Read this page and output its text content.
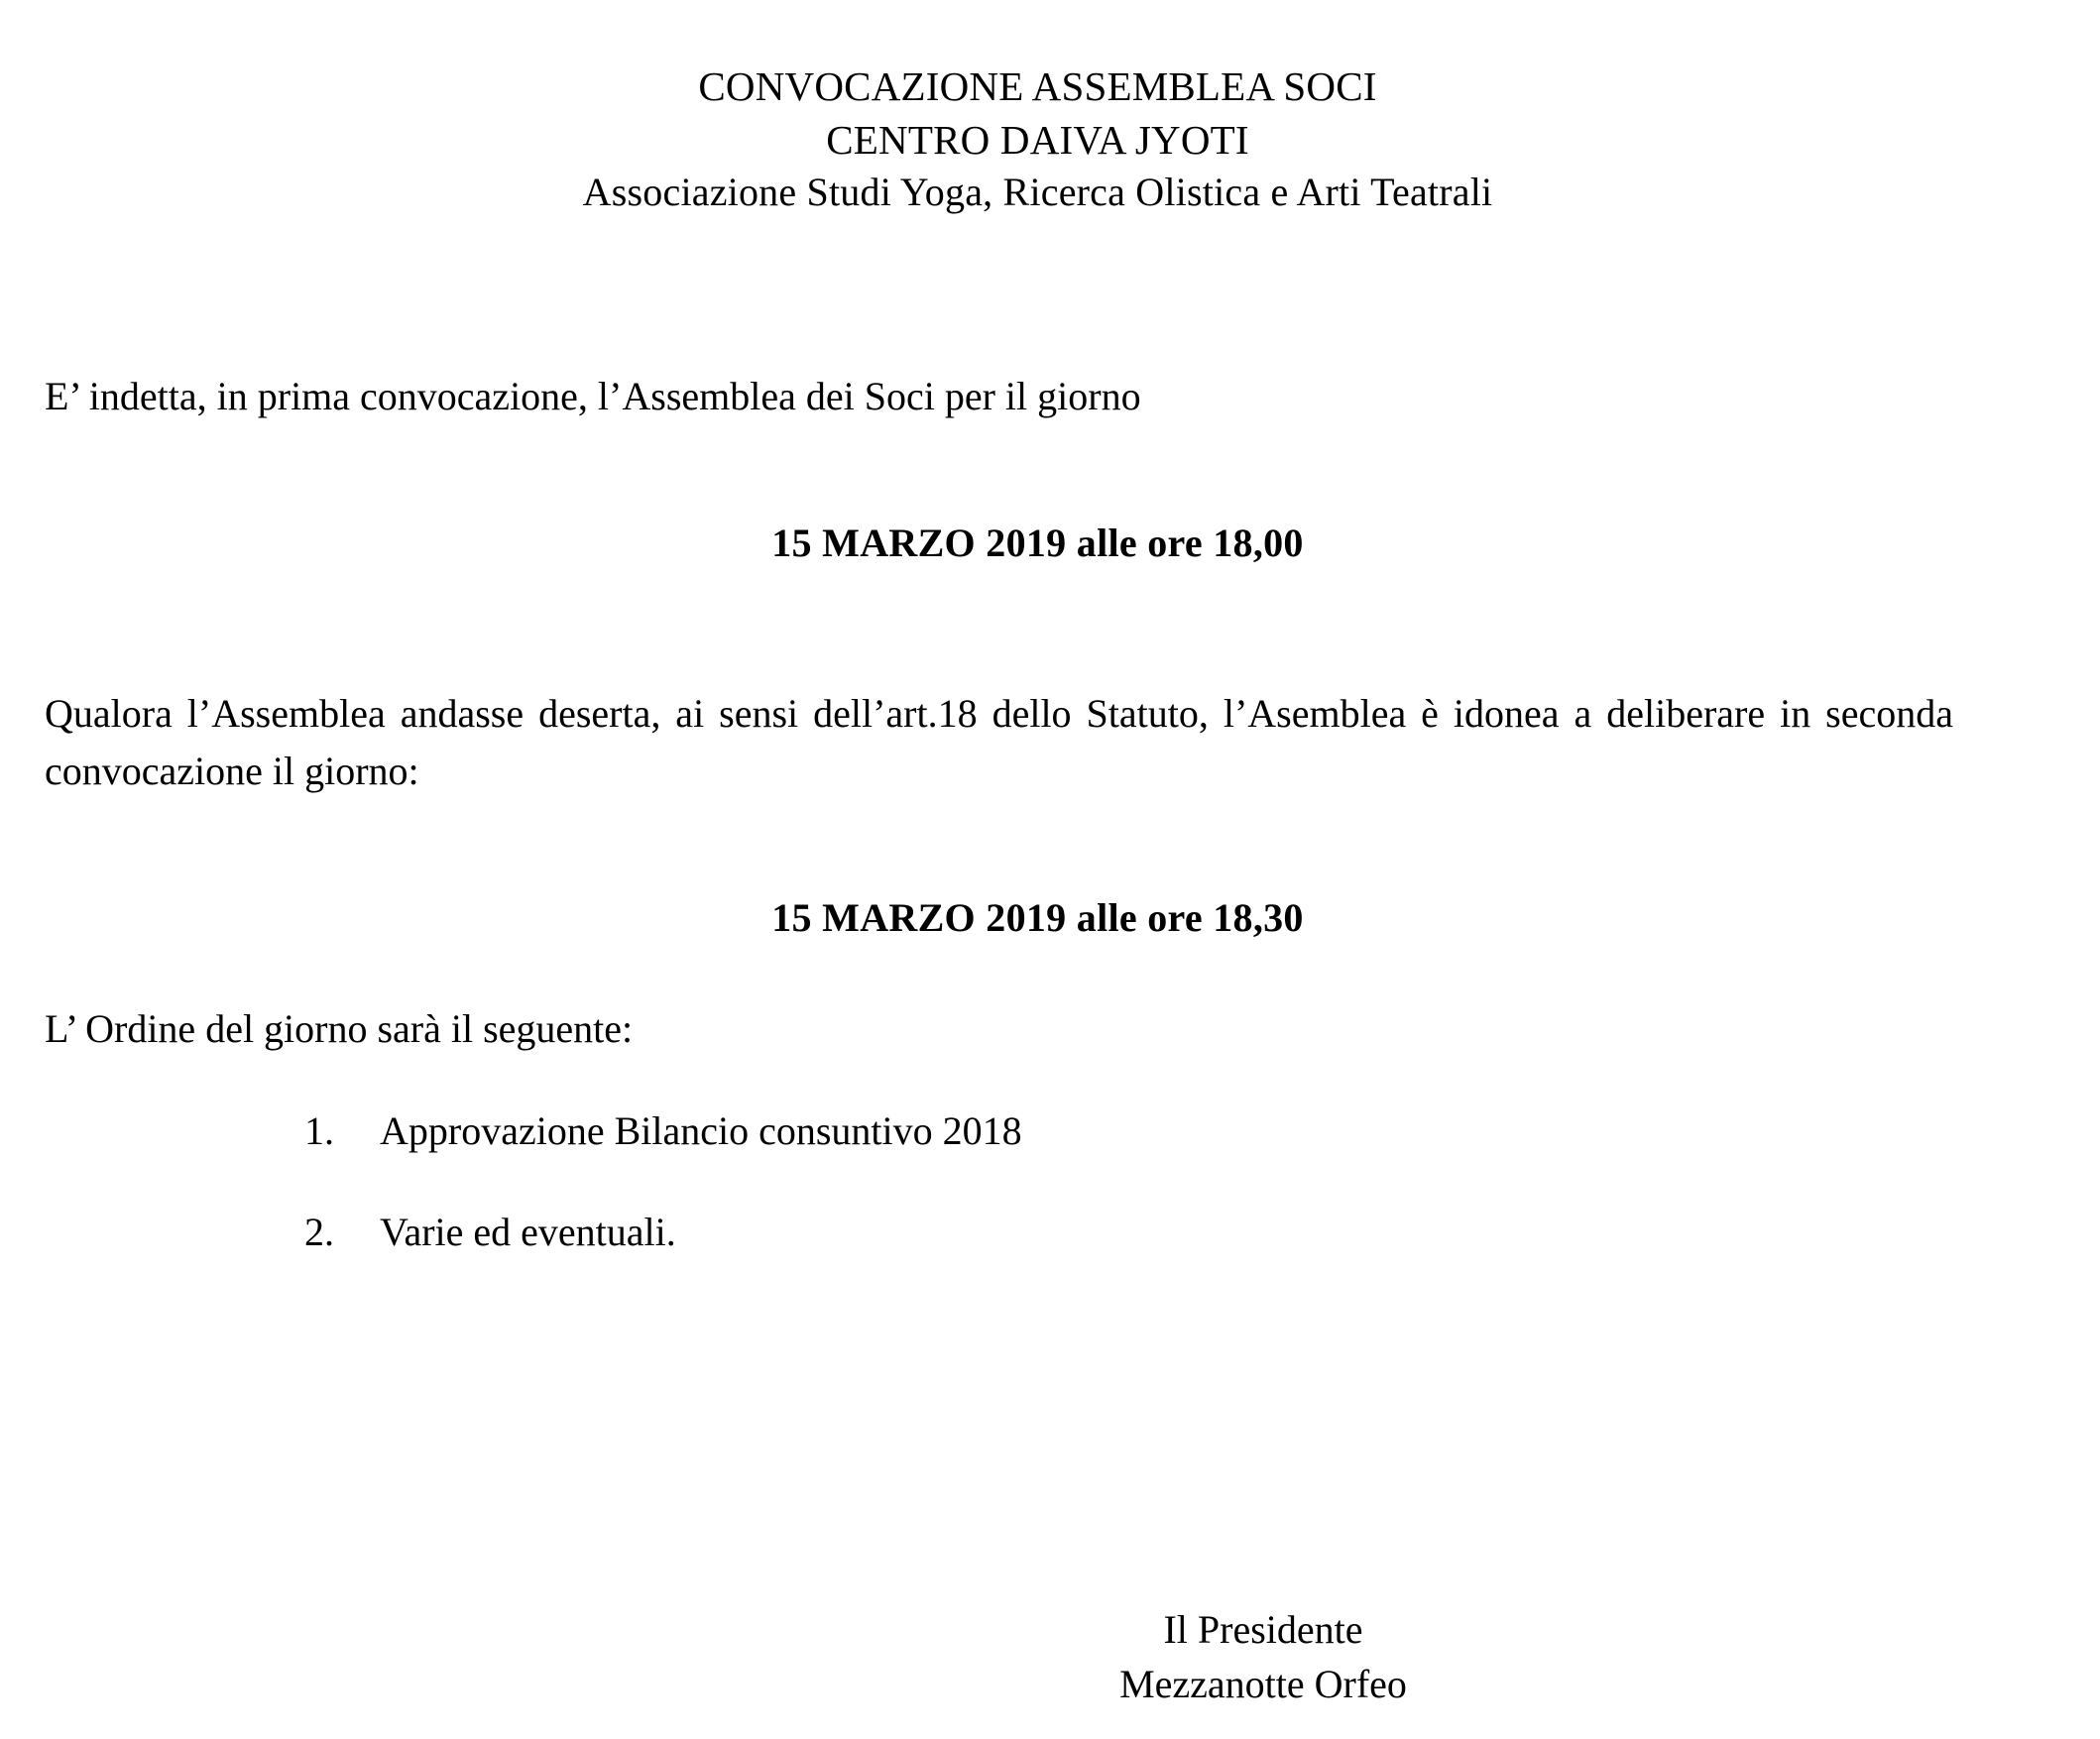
CONVOCAZIONE ASSEMBLEA SOCI
CENTRO DAIVA JYOTI
Associazione Studi Yoga, Ricerca Olistica e Arti Teatrali
E’ indetta, in prima convocazione, l’Assemblea dei Soci per il giorno
15 MARZO 2019 alle ore 18,00
Qualora l’Assemblea andasse deserta, ai sensi dell’art.18 dello Statuto, l’Asemblea è idonea a deliberare in seconda convocazione il giorno:
15 MARZO 2019 alle ore 18,30
L’ Ordine del giorno sarà il seguente:
1.	Approvazione Bilancio consuntivo 2018
2.	Varie ed eventuali.
Il Presidente
Mezzanotte Orfeo
